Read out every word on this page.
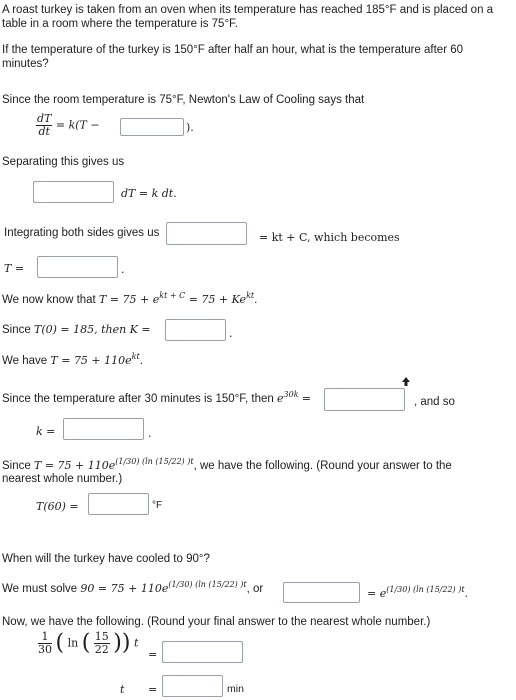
A roast turkey is taken from an oven when its temperature has reached 185°F and is placed on a
table in a room where the temperature is 75°F.
If the temperature of the turkey is 150°F after half an hour, what is the temperature after 60
minutes?
Since the room temperature is 75°F, Newton's Law of Cooling says that
$\frac{dT}{dt} = k(T$ −	).
Separating this gives us
dT = k dt.
Integrating both sides gives us	= kt + C, which becomes
T =	.
We now know that $T = 75 + e^{kt + C} = 75 + Ke^{kt}$.
Since T(0) = 185, then K =	.
We have $T = 75 + 110e^{kt}$.
Since the temperature after 30 minutes is 150°F, then $e^{30k}$ =	, and so
k =	.
Since $T = 75 + 110e^{(1/30) (ln (15/22) )t}$, we have the following. (Round your answer to the
nearest whole number.)
T(60) =	°F
When will the turkey have cooled to 90°?
We must solve $90 = 75 + 110e^{(1/30) (ln (15/22) )t}$, or	= $e^{(1/30) (ln (15/22) )t}$.
Now, we have the following. (Round your final answer to the nearest whole number.)
$\frac{1}{30}$ ( ln ( $\frac{15}{22}$ )) t
=
t =	min
